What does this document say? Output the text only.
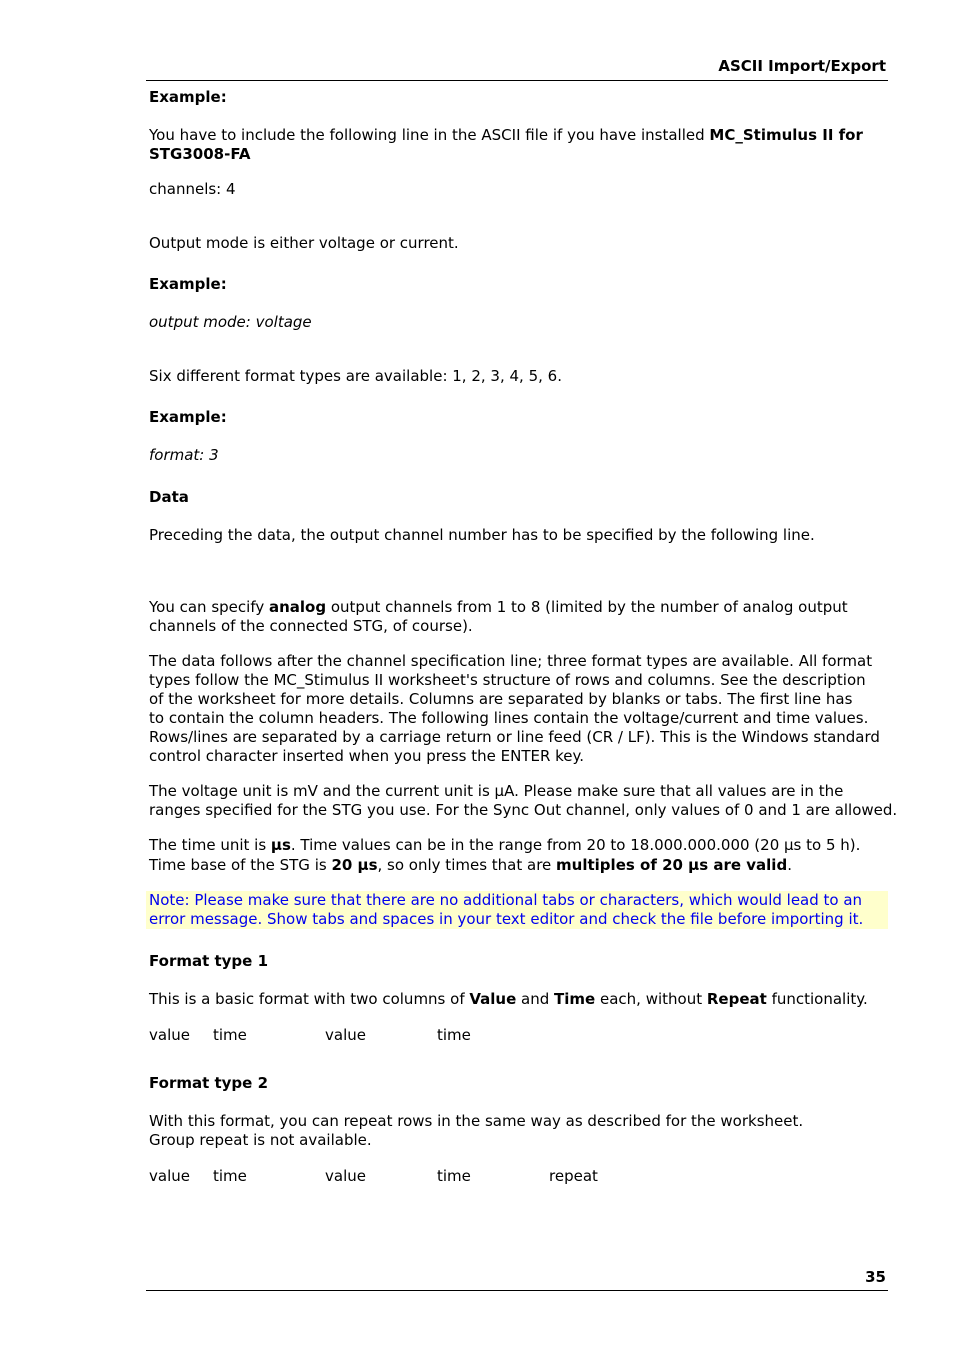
ASCII Import/Export
Example:
You have to include the following line in the ASCII file if you have installed MC_Stimulus II for
STG3008-FA
channels: 4
Output mode is either voltage or current.
Example:
output mode: voltage
Six different format types are available: 1, 2, 3, 4, 5, 6.
Example:
format: 3
Data
Preceding the data, the output channel number has to be specified by the following line.
You can specify analog output channels from 1 to 8 (limited by the number of analog output
channels of the connected STG, of course).
The data follows after the channel specification line; three format types are available. All format
types follow the MC_Stimulus II worksheet's structure of rows and columns. See the description
of the worksheet for more details. Columns are separated by blanks or tabs. The first line has
to contain the column headers. The following lines contain the voltage/current and time values.
Rows/lines are separated by a carriage return or line feed (CR / LF). This is the Windows standard
control character inserted when you press the ENTER key.
The voltage unit is mV and the current unit is µA. Please make sure that all values are in the
ranges specified for the STG you use. For the Sync Out channel, only values of 0 and 1 are allowed.
The time unit is µs. Time values can be in the range from 20 to 18.000.000.000 (20 µs to 5 h).
Time base of the STG is 20 µs, so only times that are multiples of 20 µs are valid.
Note: Please make sure that there are no additional tabs or characters, which would lead to an
error message. Show tabs and spaces in your text editor and check the file before importing it.
Format type 1
This is a basic format with two columns of Value and Time each, without Repeat functionality.
value time	value	time
Format type 2
With this format, you can repeat rows in the same way as described for the worksheet.
Group repeat is not available.
value time	value	time	repeat
35
